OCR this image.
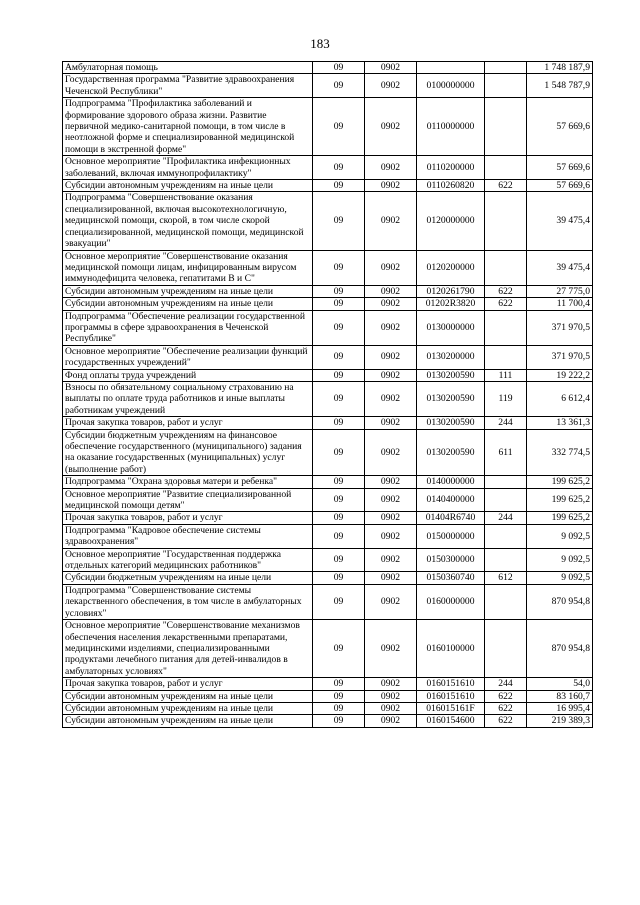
183
Амбулаторная помощь	09	0902			1 748 187,9
Государственная программа "Развитие здравоохранения Чеченской Республики"	09	0902	0100000000		1 548 787,9
Подпрограмма "Профилактика заболеваний и формирование здорового образа жизни. Развитие первичной медико-санитарной помощи, в том числе в неотложной форме и специализированной медицинской помощи в экстренной форме"	09	0902	0110000000		57 669,6
Основное мероприятие "Профилактика инфекционных заболеваний, включая иммунопрофилактику"	09	0902	0110200000		57 669,6
Субсидии автономным учреждениям на иные цели	09	0902	0110260820	622	57 669,6
Подпрограмма "Совершенствование оказания специализированной, включая высокотехнологичную, медицинской помощи, скорой, в том числе скорой специализированной, медицинской помощи, медицинской эвакуации"	09	0902	0120000000		39 475,4
Основное мероприятие "Совершенствование оказания медицинской помощи лицам, инфицированным вирусом иммунодефицита человека, гепатитами В и С"	09	0902	0120200000		39 475,4
Субсидии автономным учреждениям на иные цели	09	0902	0120261790	622	27 775,0
Субсидии автономным учреждениям на иные цели	09	0902	01202R3820	622	11 700,4
Подпрограмма "Обеспечение реализации государственной программы в сфере здравоохранения в Чеченской Республике"	09	0902	0130000000		371 970,5
Основное мероприятие "Обеспечение реализации функций государственных учреждений"	09	0902	0130200000		371 970,5
Фонд оплаты труда учреждений	09	0902	0130200590	111	19 222,2
Взносы по обязательному социальному страхованию на выплаты по оплате труда работников и иные выплаты работникам учреждений	09	0902	0130200590	119	6 612,4
Прочая закупка товаров, работ и услуг	09	0902	0130200590	244	13 361,3
Субсидии бюджетным учреждениям на финансовое обеспечение государственного (муниципального) задания на оказание государственных (муниципальных) услуг (выполнение работ)	09	0902	0130200590	611	332 774,5
Подпрограмма "Охрана здоровья матери и ребенка"	09	0902	0140000000		199 625,2
Основное мероприятие "Развитие специализированной медицинской помощи детям"	09	0902	0140400000		199 625,2
Прочая закупка товаров, работ и услуг	09	0902	01404R6740	244	199 625,2
Подпрограмма "Кадровое обеспечение системы здравоохранения"	09	0902	0150000000		9 092,5
Основное мероприятие "Государственная поддержка отдельных категорий медицинских работников"	09	0902	0150300000		9 092,5
Субсидии бюджетным учреждениям на иные цели	09	0902	0150360740	612	9 092,5
Подпрограмма "Совершенствование системы лекарственного обеспечения, в том числе в амбулаторных условиях"	09	0902	0160000000		870 954,8
Основное мероприятие "Совершенствование механизмов обеспечения населения лекарственными препаратами, медицинскими изделиями, специализированными продуктами лечебного питания для детей-инвалидов в амбулаторных условиях"	09	0902	0160100000		870 954,8
Прочая закупка товаров, работ и услуг	09	0902	0160151610	244	54,0
Субсидии автономным учреждениям на иные цели	09	0902	0160151610	622	83 160,7
Субсидии автономным учреждениям на иные цели	09	0902	016015161F	622	16 995,4
Субсидии автономным учреждениям на иные цели	09	0902	0160154600	622	219 389,3
